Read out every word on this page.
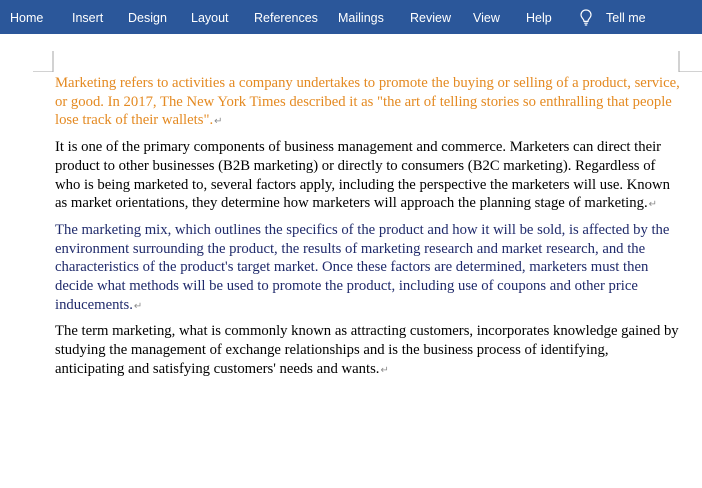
Home Insert Design Layout References Mailings Review View Help	Tell me

Marketing refers to activities a company undertakes to promote the buying or selling of a product, service, or good. In 2017, The New York Times described it as "the art of telling stories so enthralling that people lose track of their wallets".↵

It is one of the primary components of business management and commerce. Marketers can direct their product to other businesses (B2B marketing) or directly to consumers (B2C marketing). Regardless of who is being marketed to, several factors apply, including the perspective the marketers will use. Known as market orientations, they determine how marketers will approach the planning stage of marketing.↵

The marketing mix, which outlines the specifics of the product and how it will be sold, is affected by the environment surrounding the product, the results of marketing research and market research, and the characteristics of the product's target market. Once these factors are determined, marketers must then decide what methods will be used to promote the product, including use of coupons and other price inducements.↵

The term marketing, what is commonly known as attracting customers, incorporates knowledge gained by studying the management of exchange relationships and is the business process of identifying, anticipating and satisfying customers' needs and wants.↵
